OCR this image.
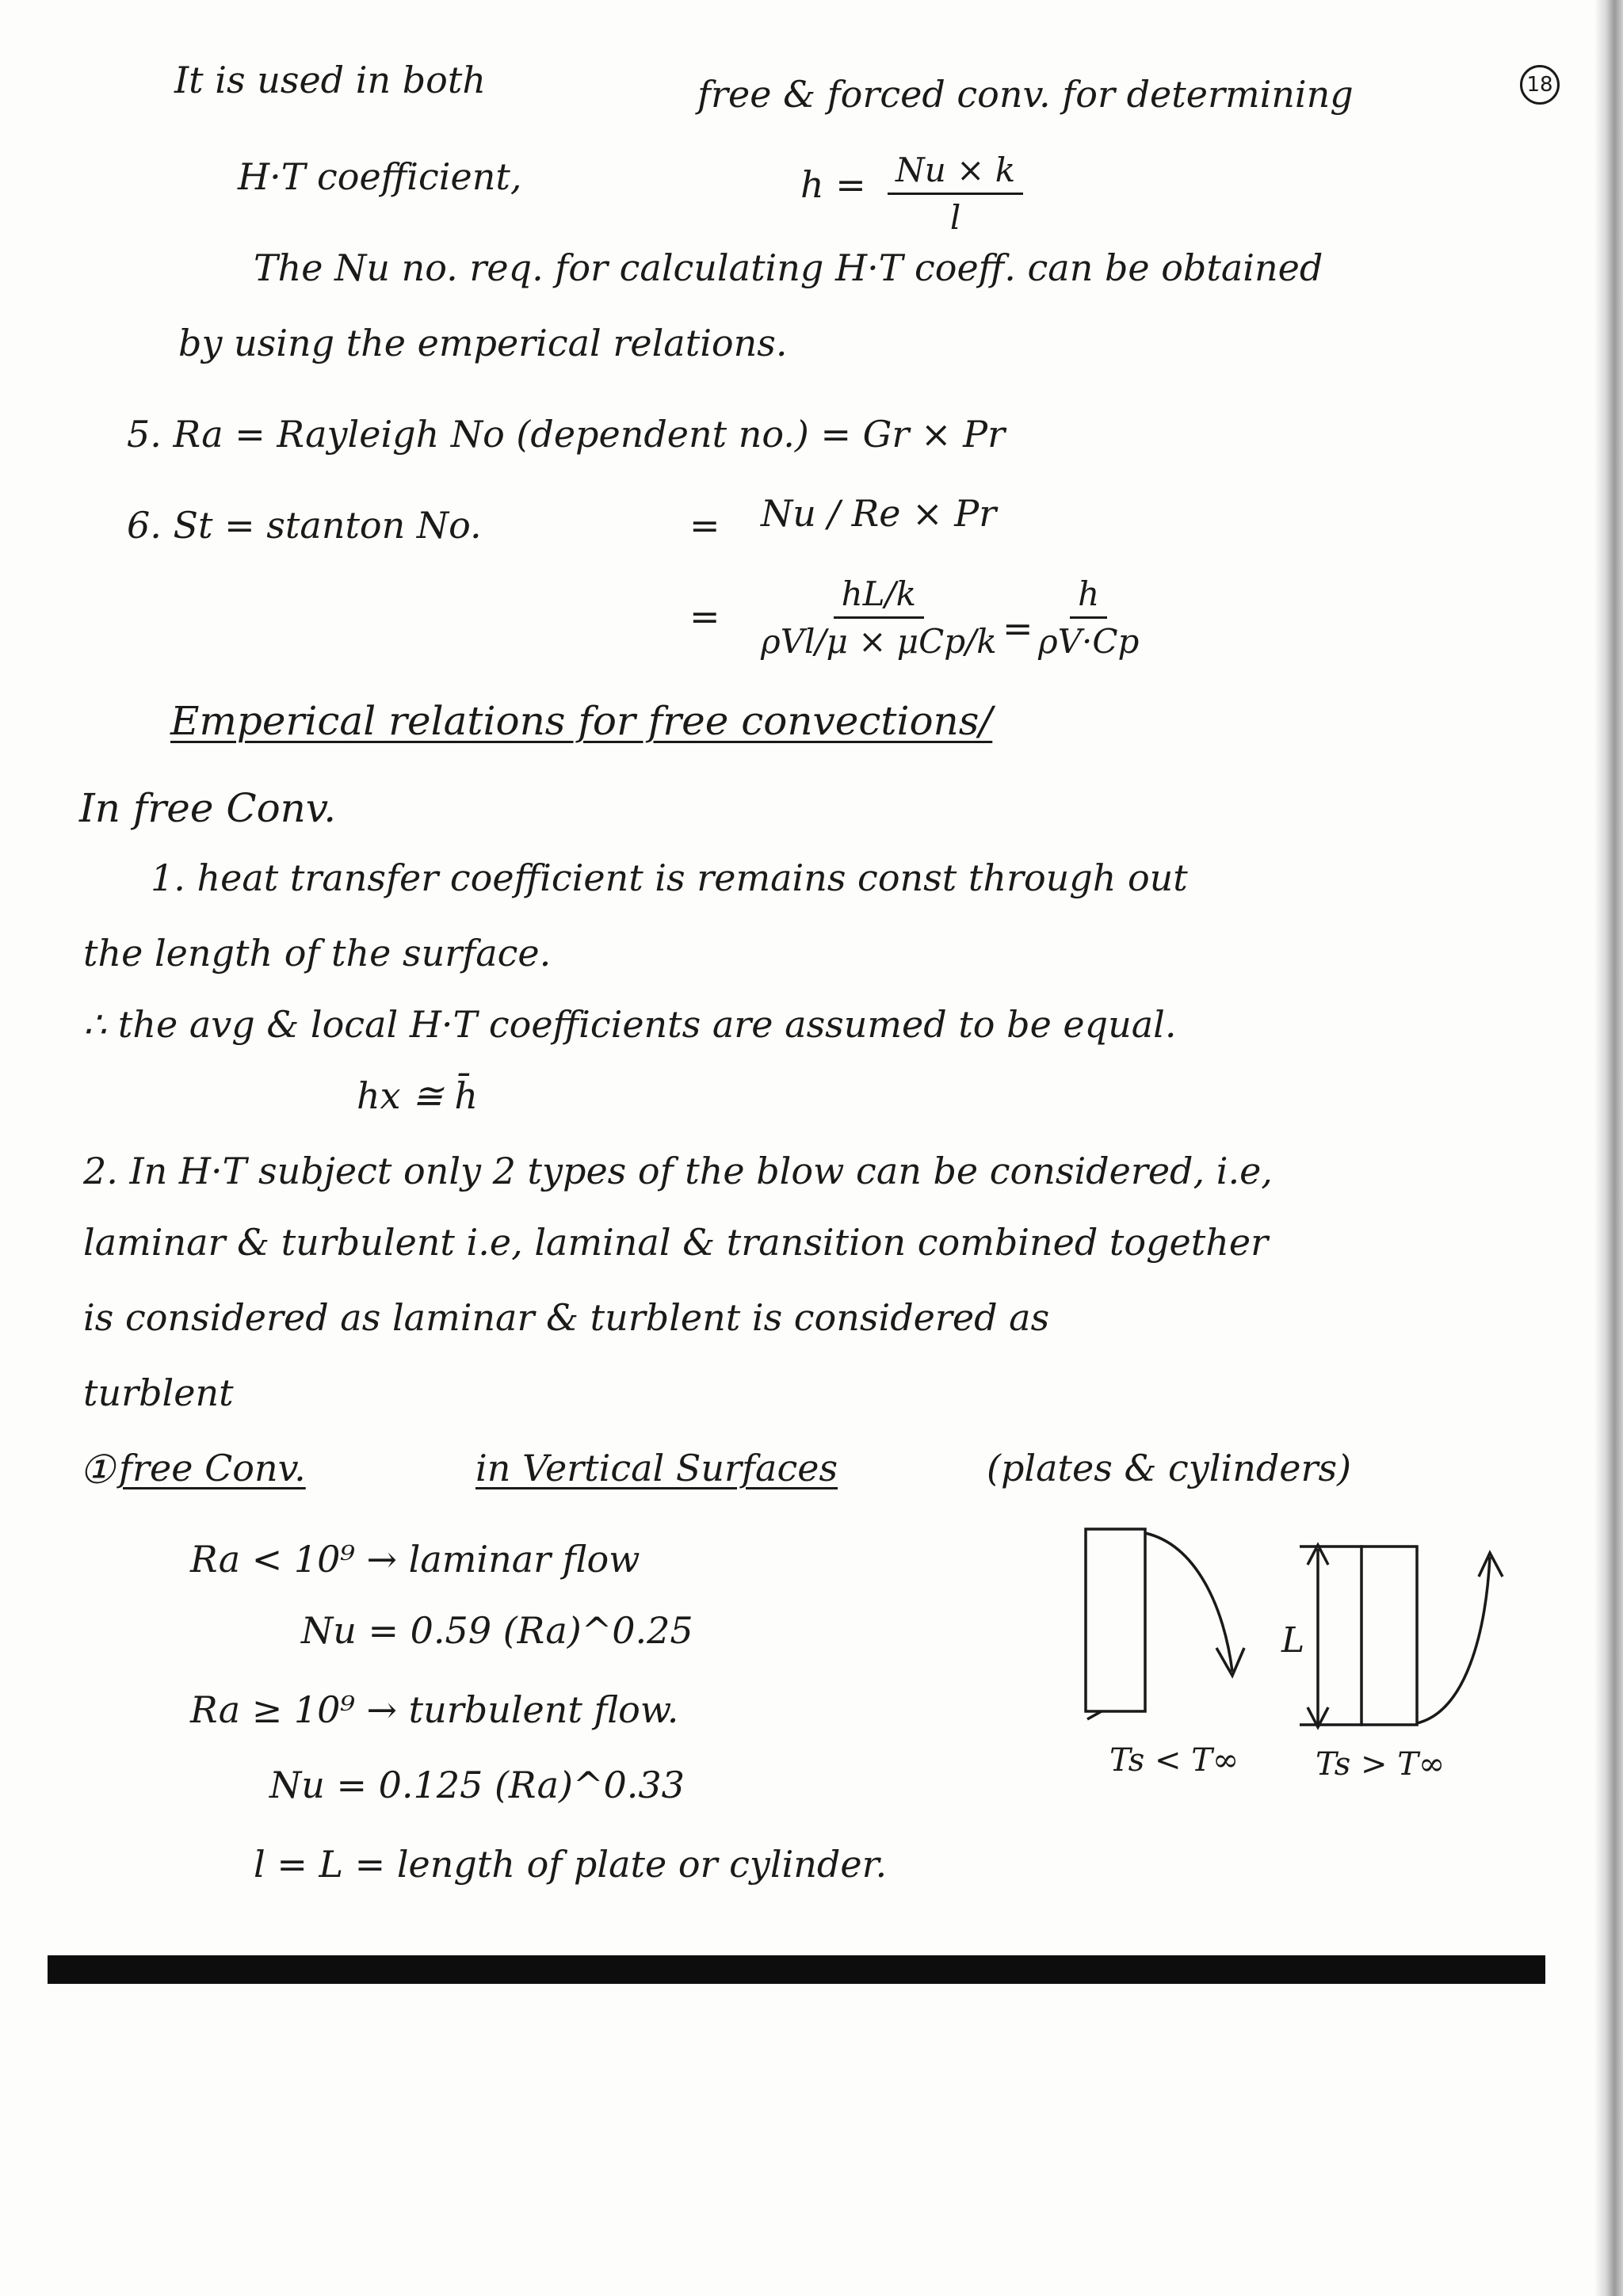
18
It is used in both	free & forced conv. for determining
H·T coefficient,	$h = \frac{Nu \times k}{l}$
The Nu no. req. for calculating H·T coeff. can be obtained
by using the emperical relations.
5. Ra = Rayleigh No (dependent no.) = Gr × Pr
6. St = stanton No.	= Nu / Re × Pr
=
hL/k
$\rho Vl/\mu \times \mu Cp/k = \frac{h}{\rho V\cdot Cp}$
Emperical relations for free convections/
In free Conv.
1. heat transfer coefficient is remains const through out
the length of the surface.
∴ the avg & local H·T coefficients are assumed to be equal.
hx ≅ h̄
2. In H·T subject only 2 types of the blow can be considered, i.e,
laminar & turbulent i.e, laminal & transition combined together
is considered as laminar & turblent is considered as
turblent
① free Conv.	in Vertical Surfaces	(plates & cylinders)
Ra < 10⁹ → laminar flow
Nu = 0.59 (Ra)^0.25
Ra ≥ 10⁹ → turbulent flow.
Nu = 0.125 (Ra)^0.33
l = L = length of plate or cylinder.
L
Ts < T∞ Ts > T∞
